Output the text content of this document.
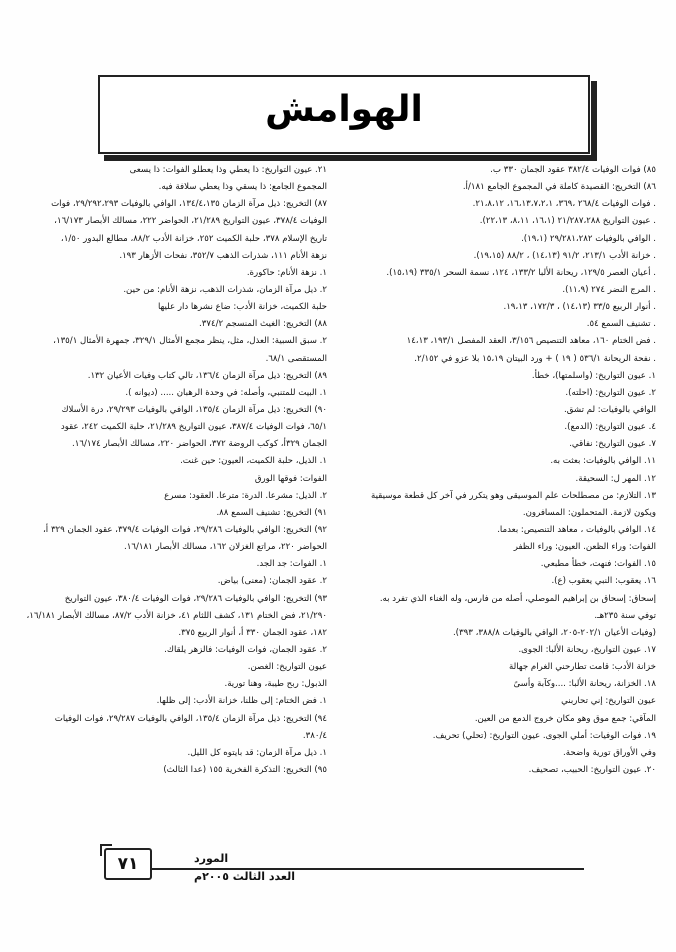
الهوامش
٨٥) فوات الوفيات ٣٨٢/٤ عقود الجمان ٣٣٠ ب.
٨٦) التخريج: القصيدة كاملة في المجموع الجامع ١٨١/أ.
. فوات الوفيات ٢٦٨/٤ ،٣٦٩، ١٦،١٣،٧،٢،١، ٢١،٨،١٢.
. عيون التواريخ ٢١/٢٨٧،٢٨٨ (١٦،١، ٨،١١، ٢٢،١٣).
. الوافي بالوفيات ٢٩/٢٨١،٢٨٢ (١٩،١).
. خزانة الأدب ٢١٣/١، ٩١/٢ (١٤،١٣) ، ٨٨/٢ (١٩،١٥).
. أعيان العصر ١٢٩/٥، ريحانة الألبا ١٣٣/٢، ١٢٤، نسمة السحر ٣٣٥/١ (١٥،١٩).
. المرج النضر ٢٧٤ (١١،٩).
. أنوار الربيع ٣٣/٥ (١٤،١٣) ، ١٧٢/٣، ١٩،١٣.
. تشنيف السمع ٥٤.
. فض الختام ١٦٠، معاهد التنصيص ٣/١٥٦، العقد المفصل ١٩٣/١، ١٤،١٣
. نفحة الريحانة ٥٣٦/١ ( ١٩ ) + ورد البيتان ١٥،١٩ بلا عزو في ٢/١٥٢.
١. عيون التواريخ: (واسلمتها)، خطأ.
٢. عيون التواريخ: (احلته).
الوافي بالوفيات: لم تشق.
٤. عيون التواريخ: (الدمع).
٧. عيون التواريخ: نفاقي.
١١. الوافي بالوفيات: بعثت به.
١٢. المهر ل: السحيقة.
١٣. التلازم: من مصطلحات علم الموسيقى وهو يتكرر في آخر كل قطعة موسيقية
ويكون لازمة. المتحملون: المسافرون.
١٤. الوافي بالوفيات ، معاهد التنصيص: بعدما.
الفوات: وراء الظعن. العيون: وراء الظفر
١٥. الفوات: فنهت، خطأ مطبعي.
١٦. يعقوب: النبي يعقوب (ع).
إسحاق: إسحاق بن إبراهيم الموصلي، أصله من فارس، وله الغناء الذي تفرد به.
توفي سنة ٢٣٥هـ.
(وفيات الأعيان ٢٠٢/١-٢٠٥، الوافي بالوفيات ٣٨٨/٨، ٣٩٣).
١٧. عيون التواريخ، ريحانة الألبا: الجوى.
خزانة الأدب: قامت تطارحني الغرام جهالة
١٨. الخزانة، ريحانة الألبا: ....وكآبة وأسىً
عيون التواريخ: إني تحاربني
المآقي: جمع موق وهو مكان خروج الدمع من العين.
١٩. فوات الوفيات: أملي الجوى. عيون التواريخ: (تحلي) تحريف.
وفي الأوراق تورية واضحة.
٢٠. عيون التواريخ: الحبيب، تصحيف.
٢١. عيون التواريخ: ذا يعطي وذا يعطلو الفوات: ذا يسعى
المجموع الجامع: ذا يسقي وذا يعطي سلافة فيه.
٨٧) التخريج: ذيل مرآة الزمان ١٣٤/٤،١٣٥، الوافي بالوفيات ٢٩/٢٩٢،٢٩٣، فوات
الوفيات ٣٧٨/٤، عيون التواريخ ٢١/٢٨٩، الحواضر ٢٢٢، مسالك الأبصار ١٦/١٧٣،
تاريخ الإسلام ٣٧٨، حلبة الكميت ٢٥٢، خزانة الأدب ٨٨/٢، مطالع البدور ١/٥٠،
نزهة الأنام ١١١، شذرات الذهب ٣٥٢/٧، نفحات الأزهار ١٩٣.
١. نزهة الأنام: حاكورة.
٢. ذيل مرآة الزمان، شذرات الذهب، نزهة الأنام: من حين.
حلبة الكميت، خزانة الأدب: ضاع نشرها دار عليها
٨٨) التخريج: الغيث المنسجم ٣٧٤/٢.
٢. سبق السبية: العذل، مثل، ينظر مجمع الأمثال ٣٢٩/١، جمهرة الأمثال ١٣٥/١،
المستقصى ٦٨/١.
٨٩) التخريج: ذيل مرآة الزمان ١٣٦/٤، تالي كتاب وفيات الأعيان ١٣٢.
١. البيت للمتنبي، وأصله: في وحدة الرهبان ..... (ديوانه ).
٩٠) التخريج: ذيل مرآة الزمان ١٣٥/٤، الوافي بالوفيات ٢٩/٢٩٣، درة الأسلاك
٦٥/١، فوات الوفيات ٣٨٧/٤، عيون التواريخ ٢١/٢٨٩، حلبة الكميت ٢٤٢، عقود
الجمان ٣٢٩أ، كوكب الروضة ٣٧٢، الحواضر ٢٢٠، مسالك الأبصار ١٦/١٧٤.
١. الذيل، حلبة الكميت، العيون: حين غنت.
الفوات: فوقها الورق
٢. الذيل: مشرعا. الدرة: مترعا. العقود: مسرع
٩١) التخريج: تشنيف السمع ٨٨.
٩٢) التخريج: الوافي بالوفيات ٢٩/٢٨٦، فوات الوفيات ٣٧٩/٤، عقود الجمان ٣٢٩ أ،
الحواضر ٢٢٠، مراتع الغزلان ١٦٢، مسالك الأبصار ١٦/١٨١.
١. الفوات: جد الجد.
٢. عقود الجمان: (معنى) بياض.
٩٣) التخريج: الوافي بالوفيات ٢٩/٢٨٦، فوات الوفيات ٣٨٠/٤، عيون التواريخ
٢١/٢٩٠، فض الختام ١٣١، كشف اللثام ٤١، خزانة الأدب ٨٧/٢، مسالك الأبصار ١٦/١٨١،
١٨٢، عقود الجمان ٣٣٠ أ، أنوار الربيع ٣٧٥.
٢. عقود الجمان، فوات الوفيات: فالزهر يلقاك.
عيون التواريخ: الغصن.
الذبول: ربح طيبة، وهنا تورية.
١. فض الختام: إلى ظلنا، خزانة الأدب: إلى ظلها.
٩٤) التخريج: ذيل مرآة الزمان ١٣٥/٤، الوافي بالوفيات ٢٩/٢٨٧، فوات الوفيات
٣٨٠/٤.
١. ذيل مرآة الزمان: قد بايتوه كل الليل.
٩٥) التخريج: التذكرة الفخرية ١٥٥ (عدا الثالث)
٧١	المورد
العدد الثالث ٢٠٠٥م
